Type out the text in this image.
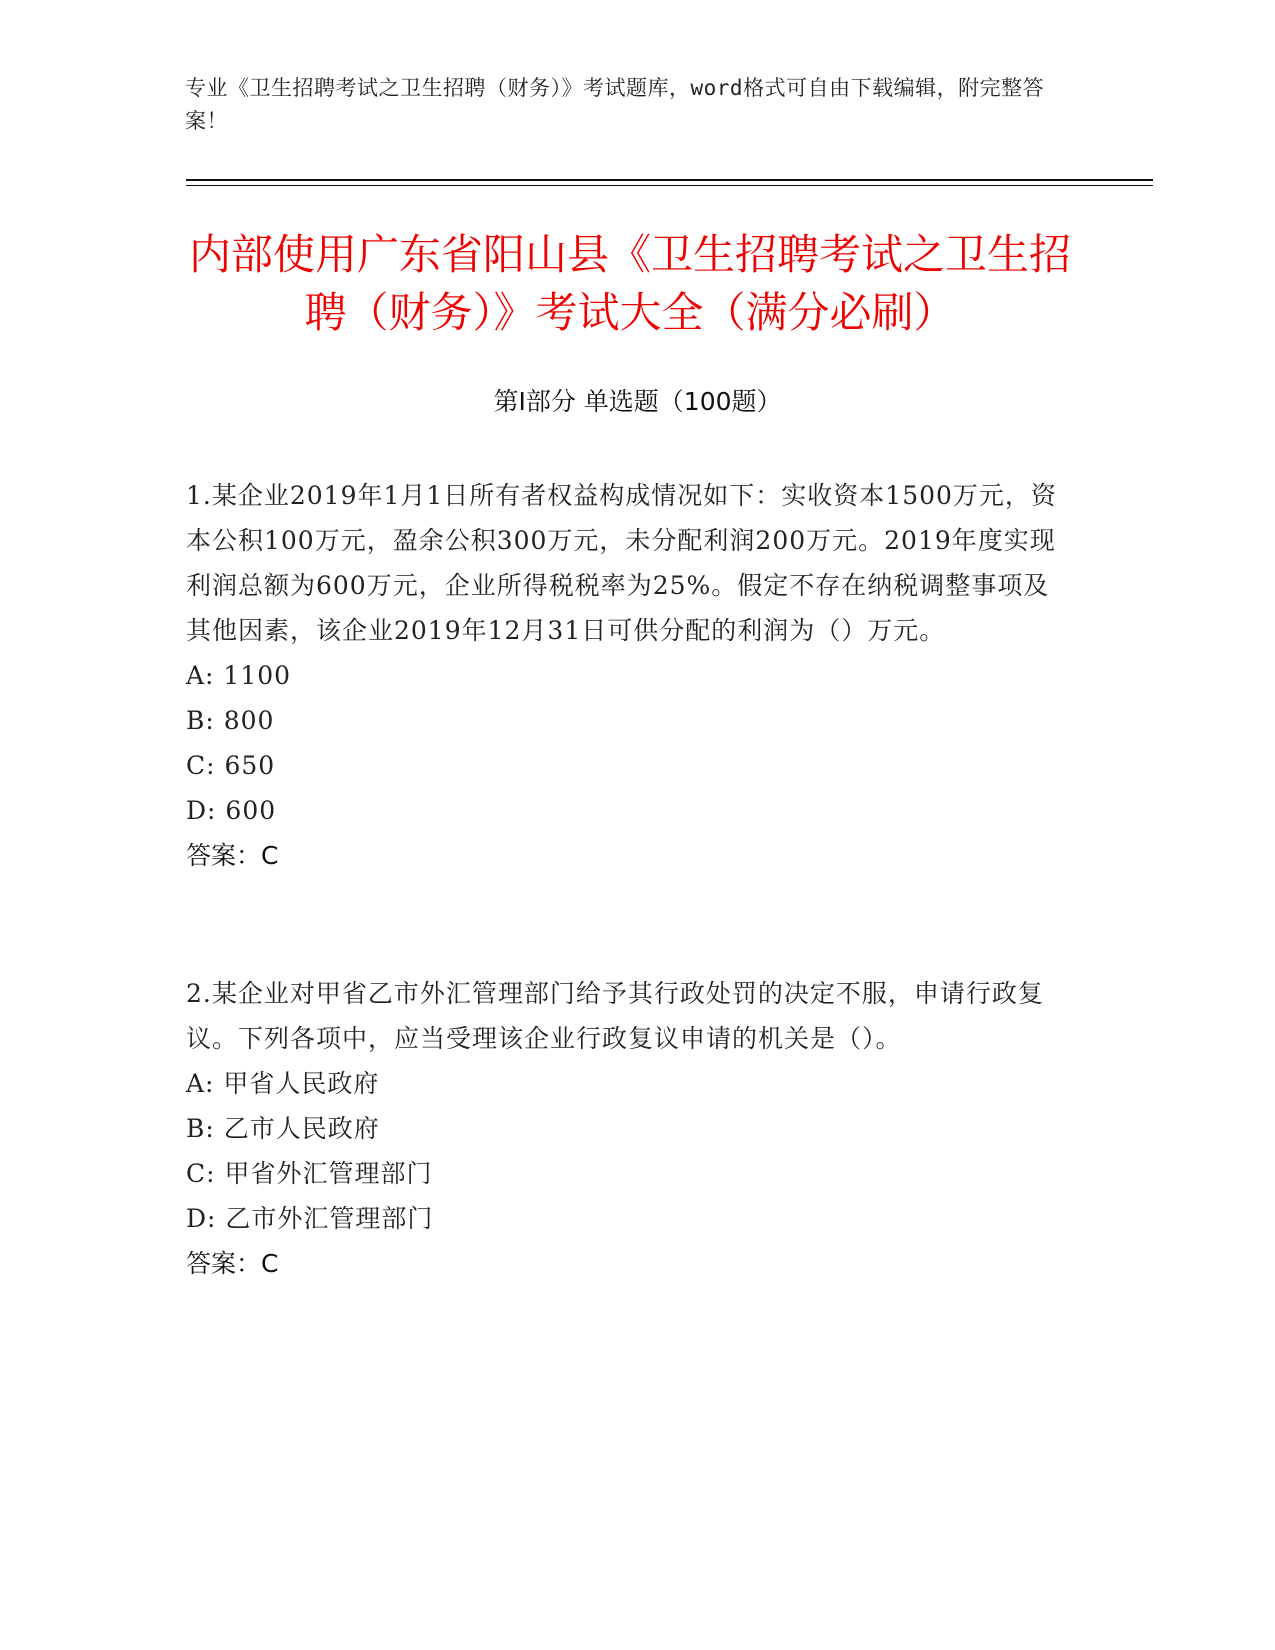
专业《卫生招聘考试之卫生招聘（财务）》考试题库，word格式可自由下载编辑，附完整答案！
内部使用广东省阳山县《卫生招聘考试之卫生招聘（财务）》考试大全（满分必刷）
第Ⅰ部分 单选题（100题）
1.某企业2019年1月1日所有者权益构成情况如下：实收资本1500万元，资本公积100万元，盈余公积300万元，未分配利润200万元。2019年度实现利润总额为600万元，企业所得税税率为25%。假定不存在纳税调整事项及其他因素，该企业2019年12月31日可供分配的利润为（）万元。
A: 1100
B: 800
C: 650
D: 600
答案：C
2.某企业对甲省乙市外汇管理部门给予其行政处罚的决定不服，申请行政复议。下列各项中，应当受理该企业行政复议申请的机关是（）。
A: 甲省人民政府
B: 乙市人民政府
C: 甲省外汇管理部门
D: 乙市外汇管理部门
答案：C
